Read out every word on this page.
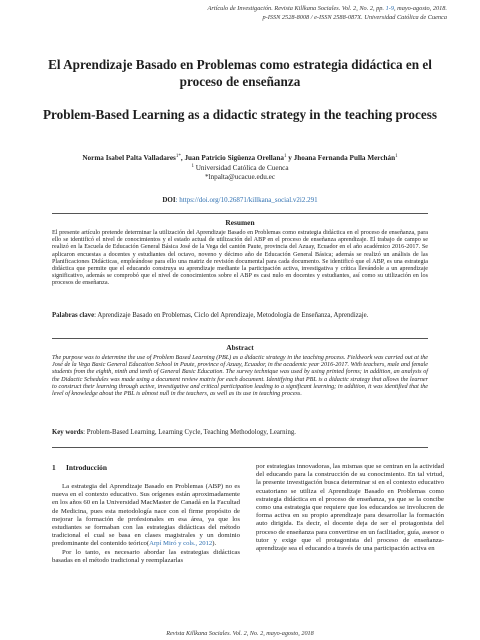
Artículo de Investigación. Revista Killkana Sociales. Vol. 2, No. 2, pp. 1-9, mayo-agosto, 2018.
p-ISSN 2528-8008 / e-ISSN 2588-087X. Universidad Católica de Cuenca
El Aprendizaje Basado en Problemas como estrategia didáctica en el proceso de enseñanza
Problem-Based Learning as a didactic strategy in the teaching process
Norma Isabel Palta Valladares$^{1*}$, Juan Patricio Sigüenza Orellana$^1$ y Jhoana Fernanda Pulla Merchán$^1$
$^1$ Universidad Católica de Cuenca
*lnpalta@ucacue.edu.ec
DOI: https://doi.org/10.26871/killkana_social.v2i2.291
Resumen
El presente artículo pretende determinar la utilización del Aprendizaje Basado en Problemas como estrategia didáctica en el proceso de enseñanza, para ello se identificó el nivel de conocimientos y el estado actual de utilización del ABP en el proceso de enseñanza aprendizaje. El trabajo de campo se realizó en la Escuela de Educación General Básica José de la Vega del cantón Paute, provincia del Azuay, Ecuador en el año académico 2016-2017. Se aplicaron encuestas a docentes y estudiantes del octavo, noveno y décimo año de Educación General Básica; además se realizó un análisis de las Planificaciones Didácticas, empleándose para ello una matriz de revisión documental para cada documento. Se identificó que el ABP, es una estrategia didáctica que permite que el educando construya su aprendizaje mediante la participación activa, investigativa y crítica llevándole a un aprendizaje significativo, además se comprobó que el nivel de conocimientos sobre el ABP es casi nulo en docentes y estudiantes, así como su utilización en los procesos de enseñanza.
Palabras clave: Aprendizaje Basado en Problemas, Ciclo del Aprendizaje, Metodología de Enseñanza, Aprendizaje.
Abstract
The purpose was to determine the use of Problem Based Learning (PBL) as a didactic strategy in the teaching process. Fieldwork was carried out at the José de la Vega Basic General Education School in Paute, province of Azuay, Ecuador, in the academic year 2016-2017. With teachers, male and female students from the eighth, ninth and tenth of General Basic Education. The survey technique was used by using printed forms; in addition, an analysis of the Didactic Schedules was made using a document review matrix for each document. Identifying that PBL is a didactic strategy that allows the learner to construct their learning through active, investigative and critical participation leading to a significant learning; in addition, it was identified that the level of knowledge about the PBL is almost null in the teachers, as well as its use in teaching process.
Key words: Problem-Based Learning, Learning Cycle, Teaching Methodology, Learning.
1 Introducción

La estrategia del Aprendizaje Basado en Problemas (ABP) no es nueva en el contexto educativo. Sus orígenes están aproximadamente en los años 60 en la Universidad MacMaster de Canadá en la Facultad de Medicina, pues esta metodología nace con el firme propósito de mejorar la formación de profesionales en esa área, ya que los estudiantes se formaban con las estrategias didácticas del método tradicional el cual se basa en clases magistrales y un dominio predominante del contenido teórico(Arpí Miró y cols., 2012).

Por lo tanto, es necesario abordar las estrategias didácticas basadas en el método tradicional y reemplazarlas

por estrategias innovadoras, las mismas que se centran en la actividad del educando para la construcción de su conocimiento. En tal virtud, la presente investigación busca determinar si en el contexto educativo ecuatoriano se utiliza el Aprendizaje Basado en Problemas como estrategia didáctica en el proceso de enseñanza, ya que se la concibe como una estrategia que requiere que los educandos se involucren de forma activa en su propio aprendizaje para desarrollar la formación auto dirigida. Es decir, el docente deja de ser el protagonista del proceso de enseñanza para convertirse en un facilitador, guía, asesor o tutor y exige que el protagonista del proceso de enseñanza-aprendizaje sea el educando a través de una participación activa en

Revista Killkana Sociales. Vol. 2, No. 2, mayo-agosto, 2018
